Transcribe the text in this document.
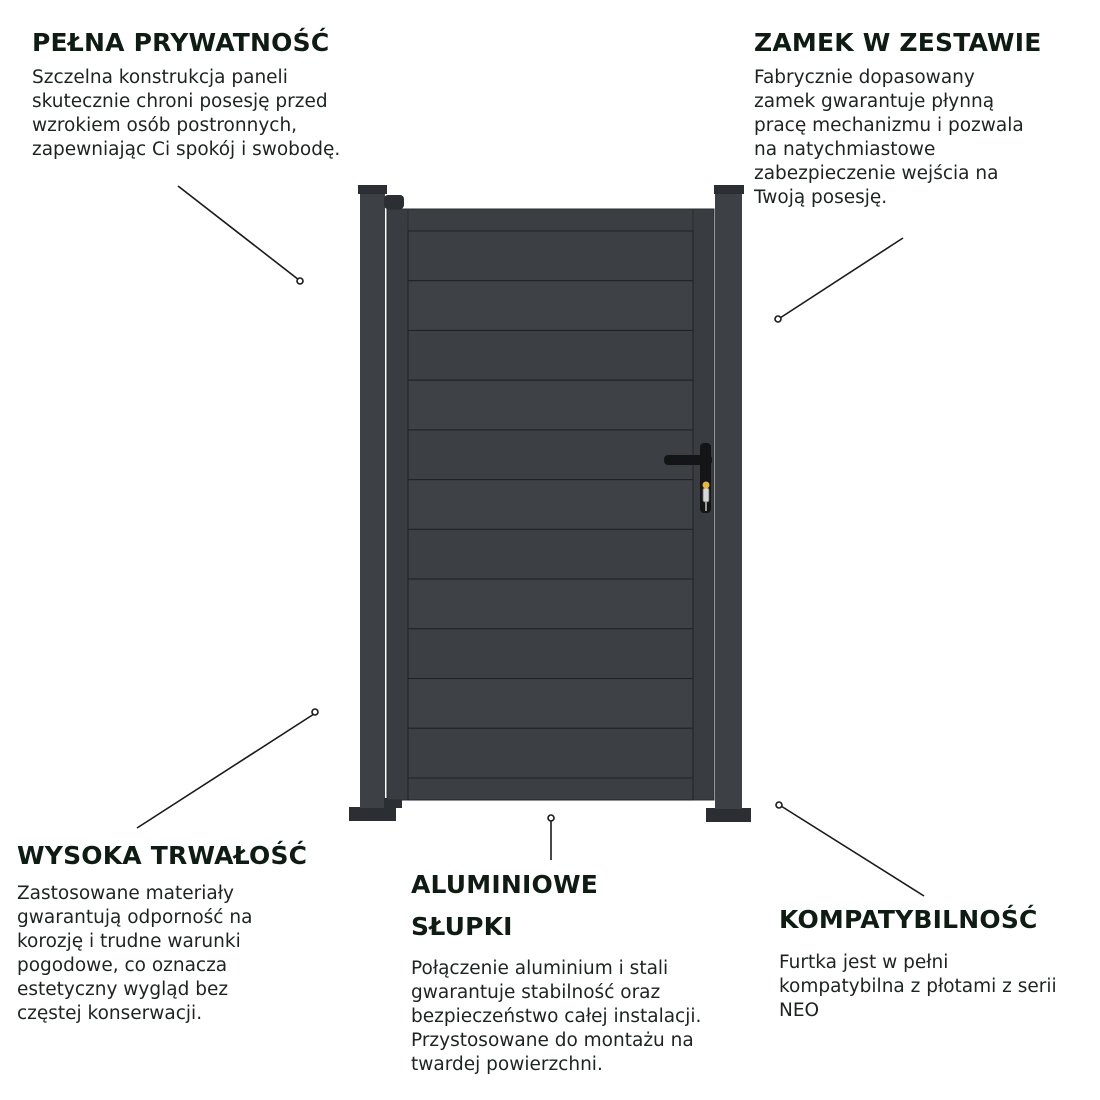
PEŁNA PRYWATNOŚĆ
Szczelna konstrukcja paneli
skutecznie chroni posesję przed
wzrokiem osób postronnych,
zapewniając Ci spokój i swobodę.
ZAMEK W ZESTAWIE
Fabrycznie dopasowany
zamek gwarantuje płynną
pracę mechanizmu i pozwala
na natychmiastowe
zabezpieczenie wejścia na
Twoją posesję.
WYSOKA TRWAŁOŚĆ
Zastosowane materiały
gwarantują odporność na
korozję i trudne warunki
pogodowe, co oznacza
estetyczny wygląd bez
częstej konserwacji.
ALUMINIOWE
SŁUPKI
Połączenie aluminium i stali
gwarantuje stabilność oraz
bezpieczeństwo całej instalacji.
Przystosowane do montażu na
twardej powierzchni.
KOMPATYBILNOŚĆ
Furtka jest w pełni
kompatybilna z płotami z serii
NEO
